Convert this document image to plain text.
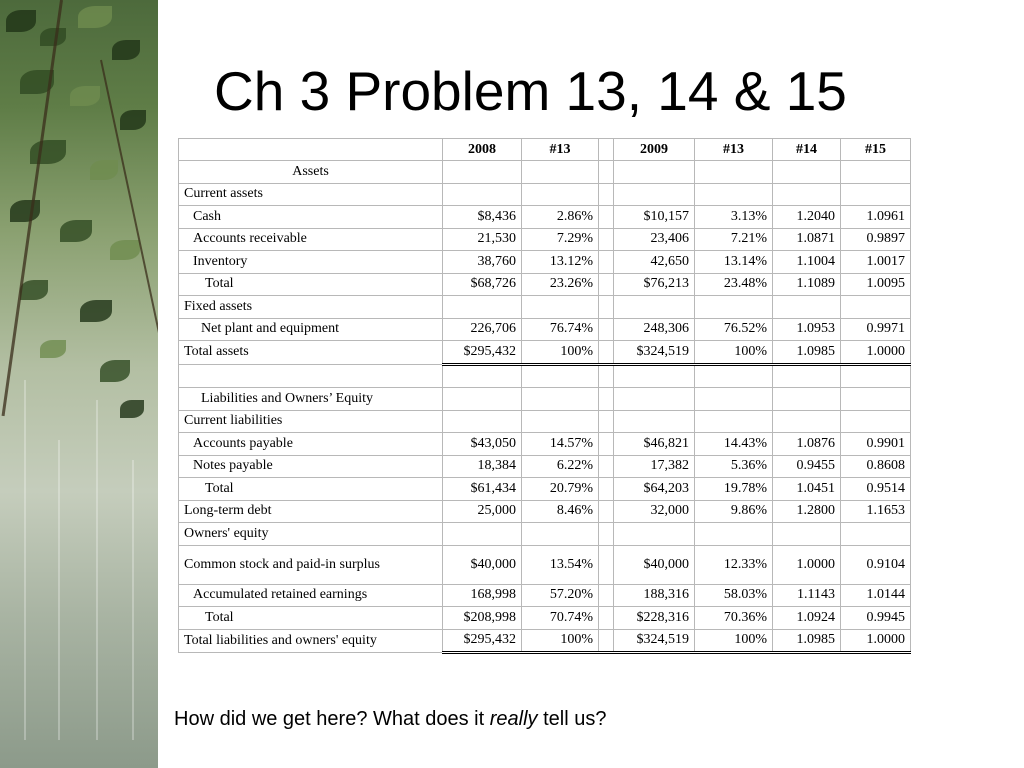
Ch 3 Problem 13, 14 & 15
	2008	#13		2009	#13	#14	#15
Assets							
Current assets							
Cash	$8,436	2.86%		$10,157	3.13%	1.2040	1.0961
Accounts receivable	21,530	7.29%		23,406	7.21%	1.0871	0.9897
Inventory	38,760	13.12%		42,650	13.14%	1.1004	1.0017
Total	$68,726	23.26%		$76,213	23.48%	1.1089	1.0095
Fixed assets							
Net plant and equipment	226,706	76.74%		248,306	76.52%	1.0953	0.9971
Total assets	$295,432	100%		$324,519	100%	1.0985	1.0000

Liabilities and Owners’ Equity							
Current liabilities							
Accounts payable	$43,050	14.57%		$46,821	14.43%	1.0876	0.9901
Notes payable	18,384	6.22%		17,382	5.36%	0.9455	0.8608
Total	$61,434	20.79%		$64,203	19.78%	1.0451	0.9514
Long-term debt	25,000	8.46%		32,000	9.86%	1.2800	1.1653
Owners' equity							
Common stock and paid-in surplus	$40,000	13.54%		$40,000	12.33%	1.0000	0.9104
Accumulated retained earnings	168,998	57.20%		188,316	58.03%	1.1143	1.0144
Total	$208,998	70.74%		$228,316	70.36%	1.0924	0.9945
Total liabilities and owners' equity	$295,432	100%		$324,519	100%	1.0985	1.0000
How did we get here? What does it really tell us?
